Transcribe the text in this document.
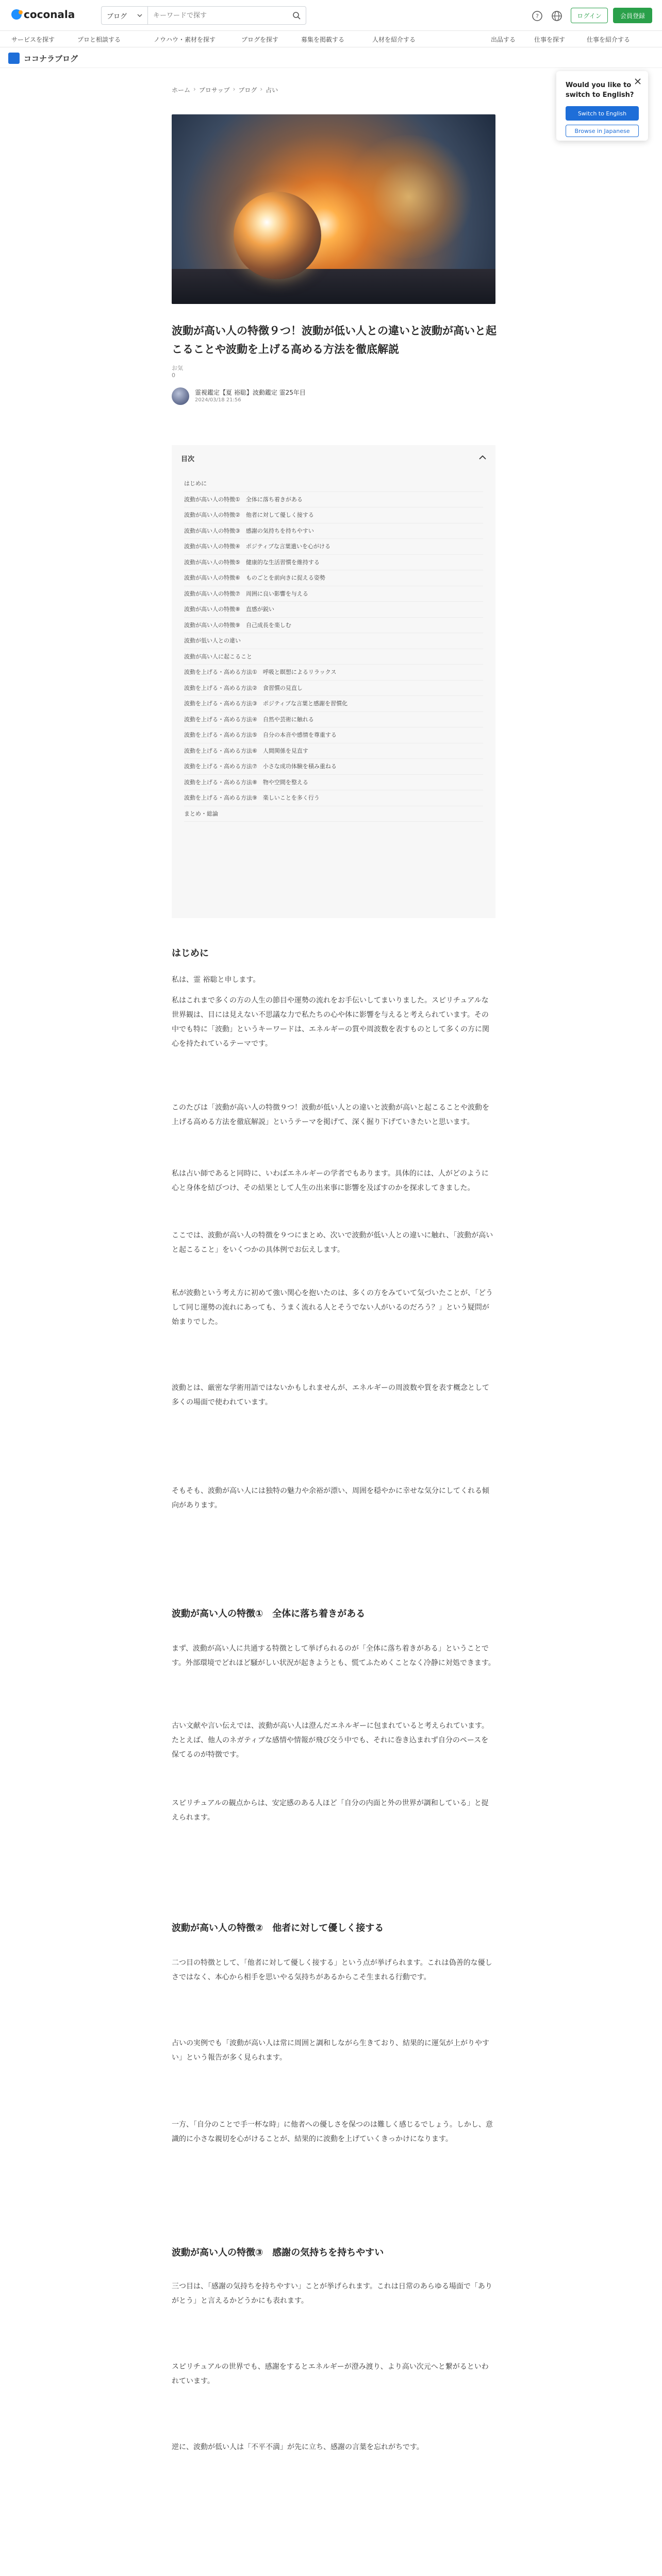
coconala	ブログ
キーワードで探す	?	ログイン	会員登録
サービスを探す	プロと相談する	ノウハウ・素材を探す	ブログを探す	募集を掲載する	人材を紹介する	出品する	仕事を探す	仕事を紹介する
ココナラブログ
Would you like to switch to English?
Switch to English
Browse in Japanese
ホーム › プロサップ › ブログ › 占い
波動が高い人の特徴９つ！波動が低い人との違いと波動が高いと起こることや波動を上げる高める方法を徹底解説
お気
0
霊視鑑定【夏 裕聡】波動鑑定 霊25年目
2024/03/18 21:56
目次
はじめに
波動が高い人の特徴①　全体に落ち着きがある
波動が高い人の特徴②　他者に対して優しく接する
波動が高い人の特徴③　感謝の気持ちを持ちやすい
波動が高い人の特徴④　ポジティブな言葉遣いを心がける
波動が高い人の特徴⑤　健康的な生活習慣を維持する
波動が高い人の特徴⑥　ものごとを前向きに捉える姿勢
波動が高い人の特徴⑦　周囲に良い影響を与える
波動が高い人の特徴⑧　直感が鋭い
波動が高い人の特徴⑨　自己成長を楽しむ
波動が低い人との違い
波動が高い人に起こること
波動を上げる・高める方法①　呼吸と瞑想によるリラックス
波動を上げる・高める方法②　食習慣の見直し
波動を上げる・高める方法③　ポジティブな言葉と感謝を習慣化
波動を上げる・高める方法④　自然や芸術に触れる
波動を上げる・高める方法⑤　自分の本音や感情を尊重する
波動を上げる・高める方法⑥　人間関係を見直す
波動を上げる・高める方法⑦　小さな成功体験を積み重ねる
波動を上げる・高める方法⑧　物や空間を整える
波動を上げる・高める方法⑨　楽しいことを多く行う
まとめ・総論
はじめに

私は、霊 裕聡と申します。

私はこれまで多くの方の人生の節目や運勢の流れをお手伝いしてまいりました。スピリチュアルな世界観は、目には見えない不思議な力で私たちの心や体に影響を与えると考えられています。その中でも特に「波動」というキーワードは、エネルギーの質や周波数を表すものとして多くの方に関心を持たれているテーマです。

このたびは「波動が高い人の特徴９つ！波動が低い人との違いと波動が高いと起こることや波動を上げる高める方法を徹底解説」というテーマを掲げて、深く掘り下げていきたいと思います。

私は占い師であると同時に、いわばエネルギーの学者でもあります。具体的には、人がどのように心と身体を結びつけ、その結果として人生の出来事に影響を及ぼすのかを探求してきました。

ここでは、波動が高い人の特徴を９つにまとめ、次いで波動が低い人との違いに触れ、「波動が高いと起こること」をいくつかの具体例でお伝えします。

私が波動という考え方に初めて強い関心を抱いたのは、多くの方をみていて気づいたことが、「どうして同じ運勢の流れにあっても、うまく流れる人とそうでない人がいるのだろう？」という疑問が始まりでした。

波動とは、厳密な学術用語ではないかもしれませんが、エネルギーの周波数や質を表す概念として多くの場面で使われています。

そもそも、波動が高い人には独特の魅力や余裕が漂い、周囲を穏やかに幸せな気分にしてくれる傾向があります。

波動が高い人の特徴①　全体に落ち着きがある

まず、波動が高い人に共通する特徴として挙げられるのが「全体に落ち着きがある」ということです。外部環境でどれほど騒がしい状況が起きようとも、慌てふためくことなく冷静に対処できます。

古い文献や言い伝えでは、波動が高い人は澄んだエネルギーに包まれていると考えられています。たとえば、他人のネガティブな感情や情報が飛び交う中でも、それに巻き込まれず自分のペースを保てるのが特徴です。

スピリチュアルの観点からは、安定感のある人ほど「自分の内面と外の世界が調和している」と捉えられます。

波動が高い人の特徴②　他者に対して優しく接する

二つ目の特徴として、「他者に対して優しく接する」という点が挙げられます。これは偽善的な優しさではなく、本心から相手を思いやる気持ちがあるからこそ生まれる行動です。

占いの実例でも「波動が高い人は常に周囲と調和しながら生きており、結果的に運気が上がりやすい」という報告が多く見られます。

一方、「自分のことで手一杯な時」に他者への優しさを保つのは難しく感じるでしょう。しかし、意識的に小さな親切を心がけることが、結果的に波動を上げていくきっかけになります。

波動が高い人の特徴③　感謝の気持ちを持ちやすい

三つ目は、「感謝の気持ちを持ちやすい」ことが挙げられます。これは日常のあらゆる場面で「ありがとう」と言えるかどうかにも表れます。

スピリチュアルの世界でも、感謝をするとエネルギーが澄み渡り、より高い次元へと繋がるといわれています。

逆に、波動が低い人は「不平不満」が先に立ち、感謝の言葉を忘れがちです。
